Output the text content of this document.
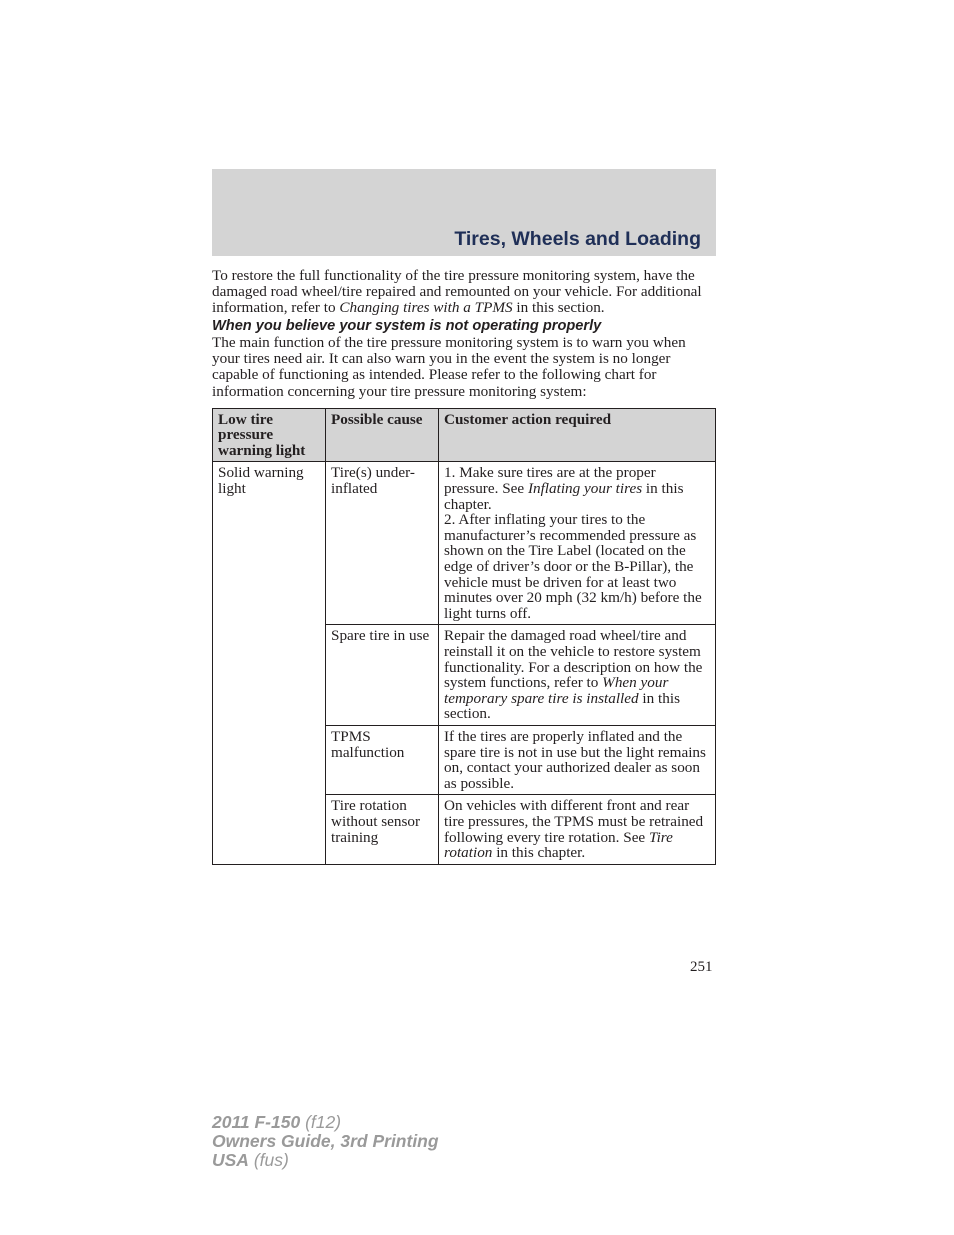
Tires, Wheels and Loading

To restore the full functionality of the tire pressure monitoring system, have the damaged road wheel/tire repaired and remounted on your vehicle. For additional information, refer to Changing tires with a TPMS in this section.

When you believe your system is not operating properly

The main function of the tire pressure monitoring system is to warn you when your tires need air. It can also warn you in the event the system is no longer capable of functioning as intended. Please refer to the following chart for information concerning your tire pressure monitoring system:

Low tire pressure warning light	Possible cause	Customer action required
Solid warning light	Tire(s) under-inflated	1. Make sure tires are at the proper pressure. See Inflating your tires in this chapter.
2. After inflating your tires to the manufacturer’s recommended pressure as shown on the Tire Label (located on the edge of driver’s door or the B-Pillar), the vehicle must be driven for at least two minutes over 20 mph (32 km/h) before the light turns off.

	Spare tire in use	Repair the damaged road wheel/tire and reinstall it on the vehicle to restore system functionality. For a description on how the system functions, refer to When your temporary spare tire is installed in this section.
	TPMS malfunction	If the tires are properly inflated and the spare tire is not in use but the light remains on, contact your authorized dealer as soon as possible.
	Tire rotation without sensor training	On vehicles with different front and rear tire pressures, the TPMS must be retrained following every tire rotation. See Tire rotation in this chapter.
251
2011 F-150 (f12)
Owners Guide, 3rd Printing
USA (fus)
